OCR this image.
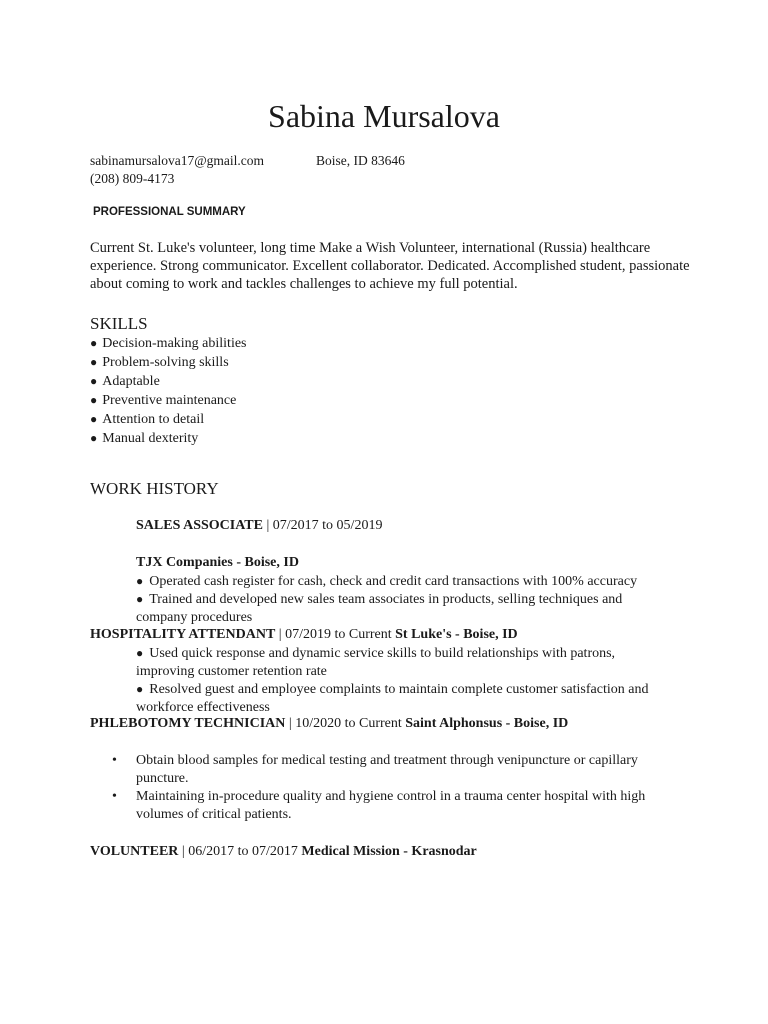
Sabina Mursalova
sabinamursalova17@gmail.com	Boise, ID 83646
(208) 809-4173
PROFESSIONAL SUMMARY
Current St. Luke's volunteer, long time Make a Wish Volunteer, international (Russia) healthcare experience. Strong communicator. Excellent collaborator. Dedicated. Accomplished student, passionate about coming to work and tackles challenges to achieve my full potential.
SKILLS
● Decision-making abilities
● Problem-solving skills
● Adaptable
● Preventive maintenance
● Attention to detail
● Manual dexterity
WORK HISTORY
SALES ASSOCIATE | 07/2017 to 05/2019
TJX Companies - Boise, ID
● Operated cash register for cash, check and credit card transactions with 100% accuracy
● Trained and developed new sales team associates in products, selling techniques and company procedures
HOSPITALITY ATTENDANT | 07/2019 to Current St Luke's - Boise, ID
● Used quick response and dynamic service skills to build relationships with patrons, improving customer retention rate
● Resolved guest and employee complaints to maintain complete customer satisfaction and workforce effectiveness
PHLEBOTOMY TECHNICIAN | 10/2020 to Current Saint Alphonsus - Boise, ID
• Obtain blood samples for medical testing and treatment through venipuncture or capillary puncture.
• Maintaining in-procedure quality and hygiene control in a trauma center hospital with high volumes of critical patients.
VOLUNTEER | 06/2017 to 07/2017 Medical Mission - Krasnodar
